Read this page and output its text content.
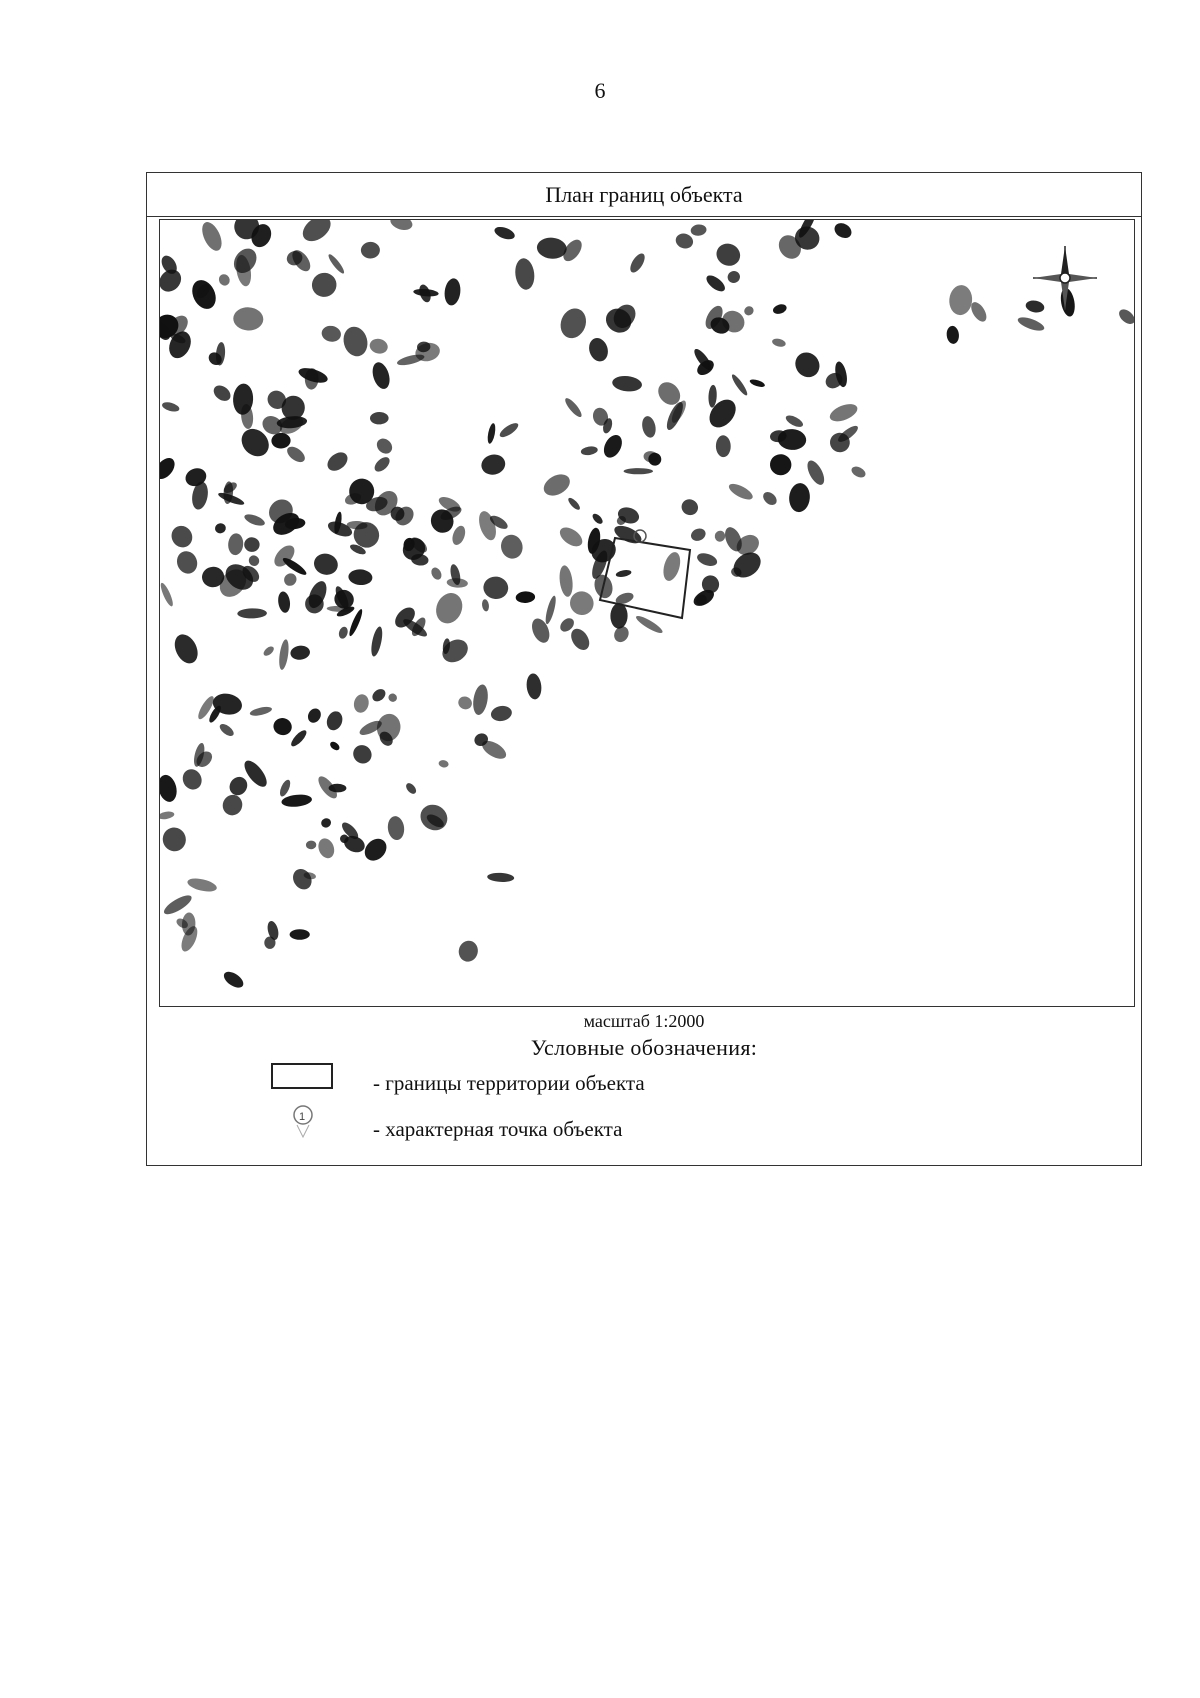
6
План границ объекта
1
масштаб 1:2000
Условные обозначения:
- границы территории объекта
1	- характерная точка объекта
